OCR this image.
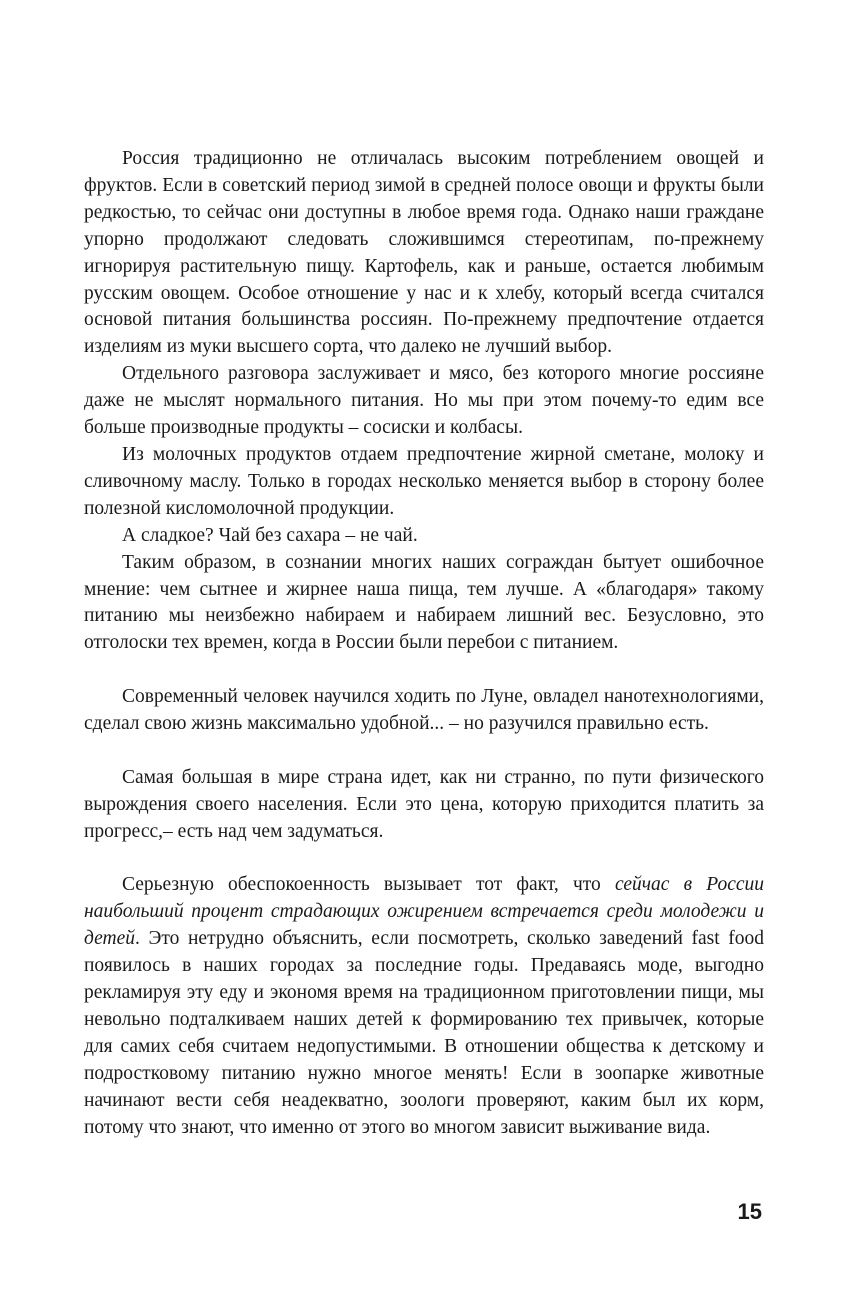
Россия традиционно не отличалась высоким потреблением овощей и фруктов. Если в советский период зимой в средней полосе овощи и фрукты были редкостью, то сейчас они доступны в любое время года. Однако наши граждане упорно продолжают следовать сложившимся стереотипам, по-прежнему игнорируя растительную пищу. Картофель, как и раньше, остается любимым русским овощем. Особое отношение у нас и к хлебу, который всегда считался основой питания большинства россиян. По-прежнему предпочтение отдается изделиям из муки высшего сорта, что далеко не лучший выбор.

Отдельного разговора заслуживает и мясо, без которого многие россияне даже не мыслят нормального питания. Но мы при этом почему-то едим все больше производные продукты – сосиски и колбасы.

Из молочных продуктов отдаем предпочтение жирной сметане, молоку и сливочному маслу. Только в городах несколько меняется выбор в сторону более полезной кисломолочной продукции.

А сладкое? Чай без сахара – не чай.

Таким образом, в сознании многих наших сограждан бытует ошибочное мнение: чем сытнее и жирнее наша пища, тем лучше. А «благодаря» такому питанию мы неизбежно набираем и набираем лишний вес. Безусловно, это отголоски тех времен, когда в России были перебои с питанием.

Современный человек научился ходить по Луне, овладел нанотехнологиями, сделал свою жизнь максимально удобной... – но разучился правильно есть.

Самая большая в мире страна идет, как ни странно, по пути физического вырождения своего населения. Если это цена, которую приходится платить за прогресс,– есть над чем задуматься.

Серьезную обеспокоенность вызывает тот факт, что сейчас в России наибольший процент страдающих ожирением встречается среди молодежи и детей. Это нетрудно объяснить, если посмотреть, сколько заведений fast food появилось в наших городах за последние годы. Предаваясь моде, выгодно рекламируя эту еду и экономя время на традиционном приготовлении пищи, мы невольно подталкиваем наших детей к формированию тех привычек, которые для самих себя считаем недопустимыми. В отношении общества к детскому и подростковому питанию нужно многое менять! Если в зоопарке животные начинают вести себя неадекватно, зоологи проверяют, каким был их корм, потому что знают, что именно от этого во многом зависит выживание вида.

15
